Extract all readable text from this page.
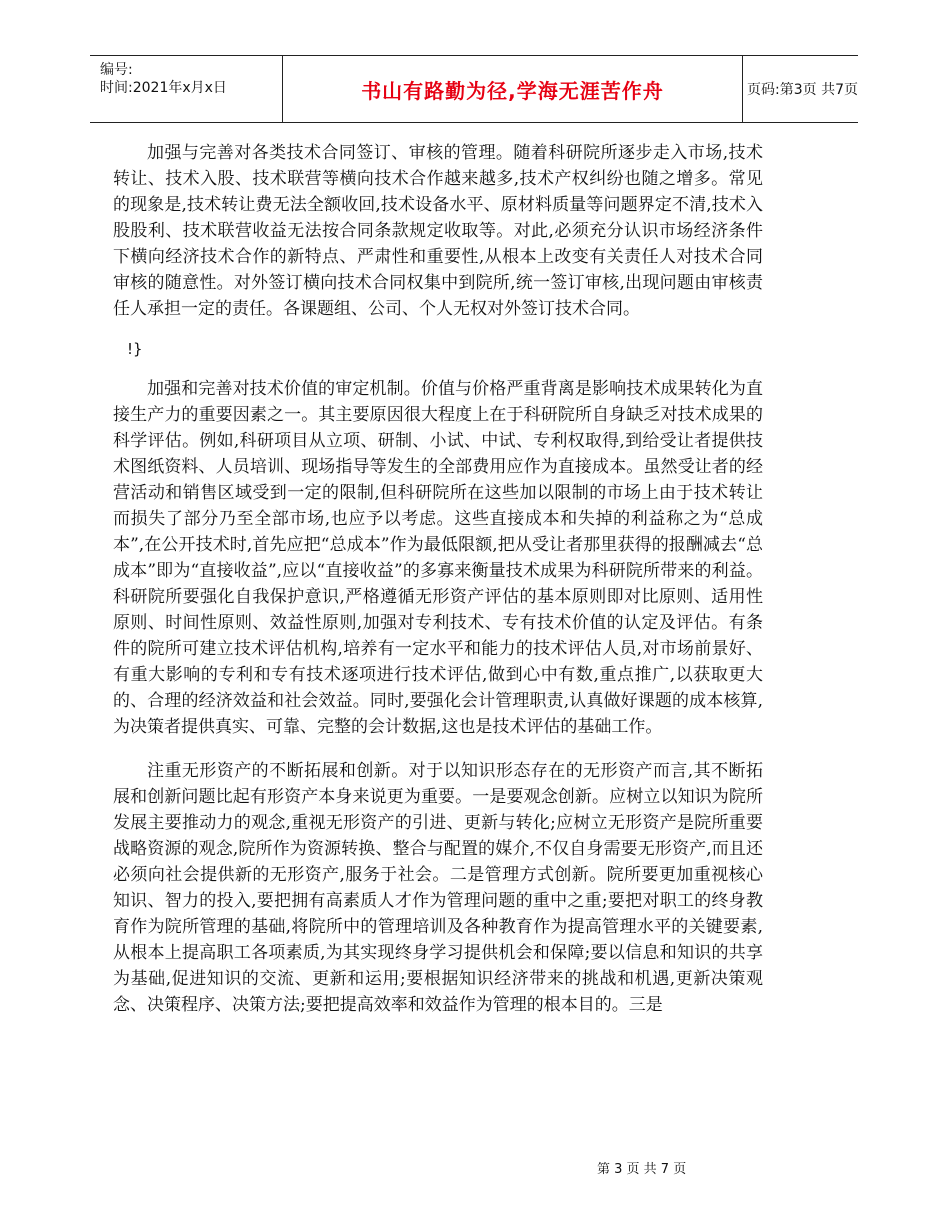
编号:
时间:2021年x月x日	书山有路勤为径,学海无涯苦作舟	页码:第3页 共7页

加强与完善对各类技术合同签订、审核的管理。随着科研院所逐步走入市场,技术转让、技术入股、技术联营等横向技术合作越来越多,技术产权纠纷也随之增多。常见的现象是,技术转让费无法全额收回,技术设备水平、原材料质量等问题界定不清,技术入股股利、技术联营收益无法按合同条款规定收取等。对此,必须充分认识市场经济条件下横向经济技术合作的新特点、严肃性和重要性,从根本上改变有关责任人对技术合同审核的随意性。对外签订横向技术合同权集中到院所,统一签订审核,出现问题由审核责任人承担一定的责任。各课题组、公司、个人无权对外签订技术合同。

!}

加强和完善对技术价值的审定机制。价值与价格严重背离是影响技术成果转化为直接生产力的重要因素之一。其主要原因很大程度上在于科研院所自身缺乏对技术成果的科学评估。例如,科研项目从立项、研制、小试、中试、专利权取得,到给受让者提供技术图纸资料、人员培训、现场指导等发生的全部费用应作为直接成本。虽然受让者的经营活动和销售区域受到一定的限制,但科研院所在这些加以限制的市场上由于技术转让而损失了部分乃至全部市场,也应予以考虑。这些直接成本和失掉的利益称之为“总成本”,在公开技术时,首先应把“总成本”作为最低限额,把从受让者那里获得的报酬减去“总成本”即为“直接收益”,应以“直接收益”的多寡来衡量技术成果为科研院所带来的利益。科研院所要强化自我保护意识,严格遵循无形资产评估的基本原则即对比原则、适用性原则、时间性原则、效益性原则,加强对专利技术、专有技术价值的认定及评估。有条件的院所可建立技术评估机构,培养有一定水平和能力的技术评估人员,对市场前景好、有重大影响的专利和专有技术逐项进行技术评估,做到心中有数,重点推广,以获取更大的、合理的经济效益和社会效益。同时,要强化会计管理职责,认真做好课题的成本核算,为决策者提供真实、可靠、完整的会计数据,这也是技术评估的基础工作。

注重无形资产的不断拓展和创新。对于以知识形态存在的无形资产而言,其不断拓展和创新问题比起有形资产本身来说更为重要。一是要观念创新。应树立以知识为院所发展主要推动力的观念,重视无形资产的引进、更新与转化;应树立无形资产是院所重要战略资源的观念,院所作为资源转换、整合与配置的媒介,不仅自身需要无形资产,而且还必须向社会提供新的无形资产,服务于社会。二是管理方式创新。院所要更加重视核心知识、智力的投入,要把拥有高素质人才作为管理问题的重中之重;要把对职工的终身教育作为院所管理的基础,将院所中的管理培训及各种教育作为提高管理水平的关键要素,从根本上提高职工各项素质,为其实现终身学习提供机会和保障;要以信息和知识的共享为基础,促进知识的交流、更新和运用;要根据知识经济带来的挑战和机遇,更新决策观念、决策程序、决策方法;要把提高效率和效益作为管理的根本目的。三是

第 3 页 共 7 页
